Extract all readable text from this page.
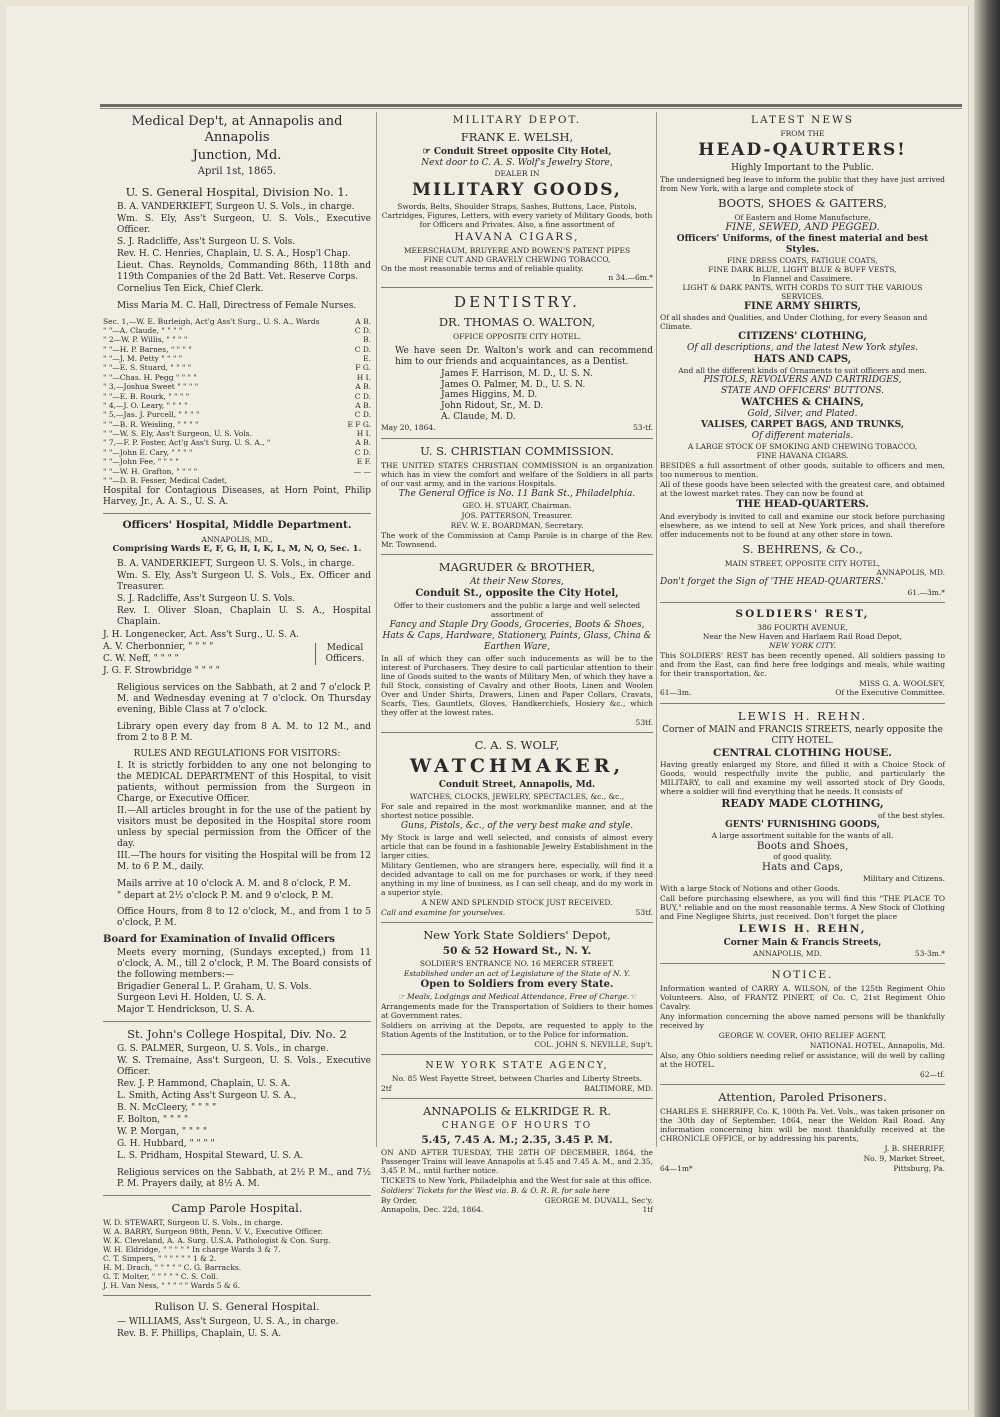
Medical Dep't, at Annapolis and Annapolis
Junction, Md.
April 1st, 1865.
U. S. General Hospital, Division No. 1.

B. A. VANDERKIEFT, Surgeon U. S. Vols., in charge.

Wm. S. Ely, Ass't Surgeon, U. S. Vols., Executive Officer.

S. J. Radcliffe, Ass't Surgeon U. S. Vols.

Rev. H. C. Henries, Chaplain, U. S. A., Hosp'l Chap.

Lieut. Chas. Reynolds, Commanding 86th, 118th and 119th Companies of the 2d Batt. Vet. Reserve Corps.

Cornelius Ten Eick, Chief Clerk.

Miss Maria M. C. Hall, Directress of Female Nurses.

Sec. 1,—W. E. Burleigh, Act'g Ass't Surg., U. S. A., Wards	A B.
" "—A. Claude, " " " "	C D.
" 2—W. P. Willis, " " " "	B.
" "—H. P. Barnes, " " " "	C D.
" "—J. M. Petty " " " "	E.
" "—E. S. Stuard, " " " "	F G.
" "—Chas. H. Pegg " " " "	H I.
" 3,—Joshua Sweet " " " "	A B.
" "—E. B. Rourk, " " " "	C D.
" 4,—J. O. Leary, " " " "	A B.
" 5,—Jas. J. Purcell, " " " "	C D.
" "—B. R. Weisling, " " " "	E F G.
" "—W. S. Ely, Ass't Surgeon, U. S. Vols.	H I.
" 7,—F. P. Foster, Act'g Ass't Surg. U. S. A., "	A B.
" "—John E. Cary, " " " "	C D.
" "—John Fee, " " " "	E F.
" "—W. H. Grafton, " " " "	— —
" "—D. B. Fesser, Medical Cadet,

Hospital for Contagious Diseases, at Horn Point, Philip Harvey, Jr., A. A. S., U. S. A.

Officers' Hospital, Middle Department.
ANNAPOLIS, MD.,
Comprising Wards E, F, G, H, I, K, L, M, N, O, Sec. 1.

B. A. VANDERKIEFT, Surgeon U. S. Vols., in charge.

Wm. S. Ely, Ass't Surgeon U. S. Vols., Ex. Officer and Treasurer.

S. J. Radcliffe, Ass't Surgeon U. S. Vols.

Rev. I. Oliver Sloan, Chaplain U. S. A., Hospital Chaplain.

J. H. Longenecker, Act. Ass't Surg., U. S. A.

A. V. Cherbonnier, " " " "

C. W. Neff, " " " "

J. G. F. Strowbridge " " " "

Medical Officers.

Religious services on the Sabbath, at 2 and 7 o'clock P. M. and Wednesday evening at 7 o'clock. On Thursday evening, Bible Class at 7 o'clock.

Library open every day from 8 A. M. to 12 M., and from 2 to 8 P. M.

RULES AND REGULATIONS FOR VISITORS:

I. It is strictly forbidden to any one not belonging to the MEDICAL DEPARTMENT of this Hospital, to visit patients, without permission from the Surgeon in Charge, or Executive Officer.

II.—All articles brought in for the use of the patient by visitors must be deposited in the Hospital store room unless by special permission from the Officer of the day.

III.—The hours for visiting the Hospital will be from 12 M. to 6 P. M., daily.

Mails arrive at 10 o'clock A. M. and 8 o'clock, P. M.

" depart at 2½ o'clock P. M. and 9 o'clock, P. M.

Office Hours, from 8 to 12 o'clock, M., and from 1 to 5 o'clock, P. M.

Board for Examination of Invalid Officers

Meets every morning, (Sundays excepted,) from 11 o'clock, A. M., till 2 o'clock, P. M. The Board consists of the following members:—

Brigadier General L. P. Graham, U. S. Vols.

Surgeon Levi H. Holden, U. S. A.

Major T. Hendrickson, U. S. A.

St. John's College Hospital, Div. No. 2

G. S. PALMER, Surgeon, U. S. Vols., in charge.

W. S. Tremaine, Ass't Surgeon, U. S. Vols., Executive Officer.

Rev. J. P. Hammond, Chaplain, U. S. A.

L. Smith, Acting Ass't Surgeon U. S. A.,

B. N. McCleery, " " " "

F. Bolton, " " " "

W. P. Morgan, " " " "

G. H. Hubbard, " " " "

L. S. Pridham, Hospital Steward, U. S. A.

Religious services on the Sabbath, at 2½ P. M., and 7½ P. M. Prayers daily, at 8½ A. M.

Camp Parole Hospital.
W. D. STEWART, Surgeon U. S. Vols., in charge.
W. A. BARRY, Surgeon 98th, Penn. V. V., Executive Officer.
W. K. Cleveland, A. A. Surg. U.S.A. Pathologist & Con. Surg.
W. H. Eldridge, " " " " " In charge Wards 3 & 7.
C. T. Simpers, " " " " " " 1 & 2.
H. M. Drach, " " " " " C. G. Barracks.
G. T. Molter, " " " " " C. S. Coll.
J. H. Van Ness, " " " " " Wards 5 & 6.
Rulison U. S. General Hospital.

— WILLIAMS, Ass't Surgeon, U. S. A., in charge.

Rev. B. F. Phillips, Chaplain, U. S. A.

MILITARY DEPOT.
FRANK E. WELSH,
☞ Conduit Street opposite City Hotel,
Next door to C. A. S. Wolf's Jewelry Store,
DEALER IN
MILITARY GOODS,
Swords, Belts, Shoulder Straps, Sashes, Buttons, Lace, Pistols, Cartridges, Figures, Letters, with every variety of Military Goods, both for Officers and Privates. Also, a fine assortment of
HAVANA CIGARS,
MEERSCHAUM, BRUYERE AND BOWEN'S PATENT PIPES
FINE CUT AND GRAVELY CHEWING TOBACCO,
On the most reasonable terms and of reliable quality.
n 34.—6m.*
DENTISTRY.
DR. THOMAS O. WALTON,
OFFICE OPPOSITE CITY HOTEL.

We have seen Dr. Walton's work and can recommend him to our friends and acquaintances, as a Dentist.

James F. Harrison, M. D., U. S. N.
James O. Palmer, M. D., U. S. N.
James Higgins, M. D.
John Ridout, Sr., M. D.
A. Claude, M. D.
May 20, 1864.	53-tf.
U. S. CHRISTIAN COMMISSION.

THE UNITED STATES CHRISTIAN COMMISSION is an organization which has in view the comfort and welfare of the Soldiers in all parts of our vast army, and in the various Hospitals.

The General Office is No. 11 Bank St., Philadelphia.

GEO. H. STUART, Chairman.

JOS. PATTERSON, Treasurer.

REV. W. E. BOARDMAN, Secretary.

The work of the Commission at Camp Parole is in charge of the Rev. Mr. Townsend.

MAGRUDER & BROTHER,
At their New Stores,
Conduit St., opposite the City Hotel,

Offer to their customers and the public a large and well selected assortment of

Fancy and Staple Dry Goods, Groceries, Boots & Shoes, Hats & Caps, Hardware, Stationery, Paints, Glass, China & Earthen Ware,

In all of which they can offer such inducements as will be to the interest of Purchasers. They desire to call particular attention to their line of Goods suited to the wants of Military Men, of which they have a full Stock, consisting of Cavalry and other Boots, Linen and Woolen Over and Under Shirts, Drawers, Linen and Paper Collars, Cravats, Scarfs, Ties, Gauntlets, Gloves, Handkerchiefs, Hosiery &c., which they offer at the lowest rates.

53tf.
C. A. S. WOLF,
WATCHMAKER,
Conduit Street, Annapolis, Md.

WATCHES, CLOCKS, JEWELRY, SPECTACLES, &c., &c.,

For sale and repaired in the most workmanlike manner, and at the shortest notice possible.

Guns, Pistols, &c., of the very best make and style.

My Stock is large and well selected, and consists of almost every article that can be found in a fashionable Jewelry Establishment in the larger cities.

Military Gentlemen, who are strangers here, especially, will find it a decided advantage to call on me for purchases or work, if they need anything in my line of business, as I can sell cheap, and do my work in a superior style.

A NEW AND SPLENDID STOCK JUST RECEIVED.

Call and examine for yourselves.	53tf.
New York State Soldiers' Depot,
50 & 52 Howard St., N. Y.

SOLDIER'S ENTRANCE NO. 16 MERCER STREET.

Established under an act of Legislature of the State of N. Y.

Open to Soldiers from every State.

☞ Meals, Lodgings and Medical Attendance, Free of Charge.☜

Arrangements made for the Transportation of Soldiers to their homes at Government rates.

Soldiers on arriving at the Depots, are requested to apply to the Station Agents of the Institution, or to the Police for information.

COL. JOHN S. NEVILLE, Sup't.

NEW YORK STATE AGENCY,

No. 85 West Fayette Street, between Charles and Liberty Streets.

2tf	BALTIMORE, MD.
ANNAPOLIS & ELKRIDGE R. R.
CHANGE OF HOURS TO
5.45, 7.45 A. M.; 2.35, 3.45 P. M.

ON AND AFTER TUESDAY, THE 28TH OF DECEMBER, 1864, the Passenger Trains will leave Annapolis at 5.45 and 7.45 A. M., and 2.35, 3.45 P. M., until further notice.

TICKETS to New York, Philadelphia and the West for sale at this office.

Soldiers' Tickets for the West via. B. & O. R. R. for sale here

By Order,	GEORGE M. DUVALL, Sec'y.
Annapolis, Dec. 22d, 1864.	1tf
LATEST NEWS
FROM THE
HEAD-QAURTERS!
Highly Important to the Public.

The undersigned beg leave to inform the public that they have just arrived from New York, with a large and complete stock of

BOOTS, SHOES & GAITERS,
Of Eastern and Home Manufacture,
FINE, SEWED, AND PEGGED.
Officers' Uniforms, of the finest material and best Styles.
FINE DRESS COATS, FATIGUE COATS,
FINE DARK BLUE, LIGHT BLUE & BUFF VESTS,
In Flannel and Cassimere.
LIGHT & DARK PANTS, WITH CORDS TO SUIT THE VARIOUS SERVICES.
FINE ARMY SHIRTS,
Of all shades and Qualities, and Under Clothing, for every Season and Climate.
CITIZENS' CLOTHING,
Of all descriptions, and the latest New York styles.
HATS AND CAPS,
And all the different kinds of Ornaments to suit officers and men.
PISTOLS, REVOLVERS AND CARTRIDGES,
STATE AND OFFICERS' BUTTONS.
WATCHES & CHAINS,
Gold, Silver, and Plated.
VALISES, CARPET BAGS, AND TRUNKS,
Of different materials.
A LARGE STOCK OF SMOKING AND CHEWING TOBACCO,
FINE HAVANA CIGARS.

BESIDES a full assortment of other goods, suitable to officers and men, too numerous to mention.

All of these goods have been selected with the greatest care, and obtained at the lowest market rates. They can now be found at

THE HEAD-QUARTERS.

And everybody is invited to call and examine our stock before purchasing elsewhere, as we intend to sell at New York prices, and shall therefore offer inducements not to be found at any other store in town.

S. BEHRENS, & Co.,
MAIN STREET, OPPOSITE CITY HOTEL,
ANNAPOLIS, MD.
Don't forget the Sign of 'THE HEAD-QUARTERS.'
61.—3m.*
SOLDIERS' REST,
386 FOURTH AVENUE,
Near the New Haven and Harlaem Rail Road Depot,
NEW YORK CITY.

This SOLDIERS' REST has been recently opened. All soldiers passing to and from the East, can find here free lodgings and meals, while waiting for their transportation, &c.

MISS G. A. WOOLSEY,
61—3m.	Of the Executive Committee.
LEWIS H. REHN.
Corner of MAIN and FRANCIS STREETS, nearly opposite the CITY HOTEL.
CENTRAL CLOTHING HOUSE.

Having greatly enlarged my Store, and filled it with a Choice Stock of Goods, would respectfully invite the public, and particularly the MILITARY, to call and examine my well assorted stock of Dry Goods, where a soldier will find everything that he needs. It consists of

READY MADE CLOTHING,
of the best styles.
GENTS' FURNISHING GOODS,
A large assortment suitable for the wants of all.
Boots and Shoes,
of good quality,
Hats and Caps,
Military and Citizens.

With a large Stock of Notions and other Goods.

Call before purchasing elsewhere, as you will find this "THE PLACE TO BUY," reliable and on the most reasonable terms. A New Stock of Clothing and Fine Negligee Shirts, just received. Don't forget the place

LEWIS H. REHN,
Corner Main & Francis Streets,
ANNAPOLIS, MD.	53-3m.*
NOTICE.

Information wanted of CARRY A. WILSON, of the 125th Regiment Ohio Volunteers. Also, of FRANTZ PINERT, of Co. C, 21st Regiment Ohio Cavalry.

Any information concerning the above named persons will be thankfully received by

GEORGE W. COVER, OHIO RELIEF AGENT,

NATIONAL HOTEL, Annapolis, Md.

Also, any Ohio soldiers needing relief or assistance, will do well by calling at the HOTEL.

62—tf.
Attention, Paroled Prisoners.

CHARLES E. SHERRIFF, Co. K, 100th Pa. Vet. Vols., was taken prisoner on the 30th day of September, 1864, near the Weldon Rail Road. Any information concerning him will be most thankfully received at the CHRONICLE OFFICE, or by addressing his parents,

J. B. SHERRIFF,

No. 9, Market Street,

64—1m*	Pittsburg, Pa.
